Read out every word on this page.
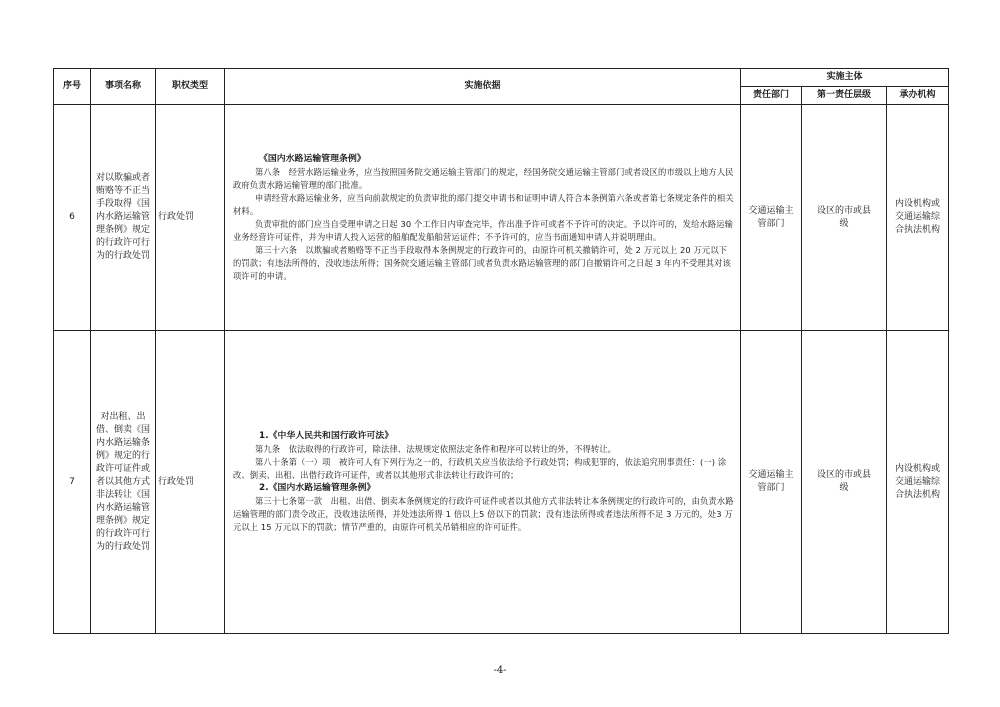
序号	事项名称	职权类型	实施依据	实施主体		
				责任部门	第一责任层级	承办机构
6	对以欺骗或者贿赂等不正当手段取得《国内水路运输管理条例》规定的行政许可行为的行政处罚	行政处罚	《国内水路运输管理条例》

第八条　经营水路运输业务，应当按照国务院交通运输主管部门的规定，经国务院交通运输主管部门或者设区的市级以上地方人民政府负责水路运输管理的部门批准。

申请经营水路运输业务，应当向前款规定的负责审批的部门提交申请书和证明申请人符合本条例第六条或者第七条规定条件的相关材料。

负责审批的部门应当自受理申请之日起 30 个工作日内审查完毕，作出准予许可或者不予许可的决定。予以许可的，发给水路运输业务经营许可证件，并为申请人投入运营的船舶配发船舶营运证件；不予许可的，应当书面通知申请人并说明理由。

第三十六条　以欺骗或者贿赂等不正当手段取得本条例规定的行政许可的，由原许可机关撤销许可，处 2 万元以上 20 万元以下的罚款；有违法所得的，没收违法所得；国务院交通运输主管部门或者负责水路运输管理的部门自撤销许可之日起 3 年内不受理其对该项许可的申请。	交通运输主管部门	设区的市或县级	内设机构或交通运输综合执法机构
7	对出租、出借、倒卖《国内水路运输条例》规定的行政许可证件或者以其他方式非法转让《国内水路运输管理条例》规定的行政许可行为的行政处罚	行政处罚	1.《中华人民共和国行政许可法》

第九条　依法取得的行政许可，除法律、法规规定依照法定条件和程序可以转让的外，不得转让。

第八十条第（一）项　被许可人有下列行为之一的，行政机关应当依法给予行政处罚；构成犯罪的，依法追究刑事责任：(一) 涂改、倒卖、出租、出借行政许可证件，或者以其他形式非法转让行政许可的；

2.《国内水路运输管理条例》

第三十七条第一款　出租、出借、倒卖本条例规定的行政许可证件或者以其他方式非法转让本条例规定的行政许可的，由负责水路运输管理的部门责令改正，没收违法所得，并处违法所得 1 倍以上5 倍以下的罚款；没有违法所得或者违法所得不足 3 万元的，处3 万元以上 15 万元以下的罚款；情节严重的，由原许可机关吊销相应的许可证件。	交通运输主管部门	设区的市或县级	内设机构或交通运输综合执法机构
-4-
